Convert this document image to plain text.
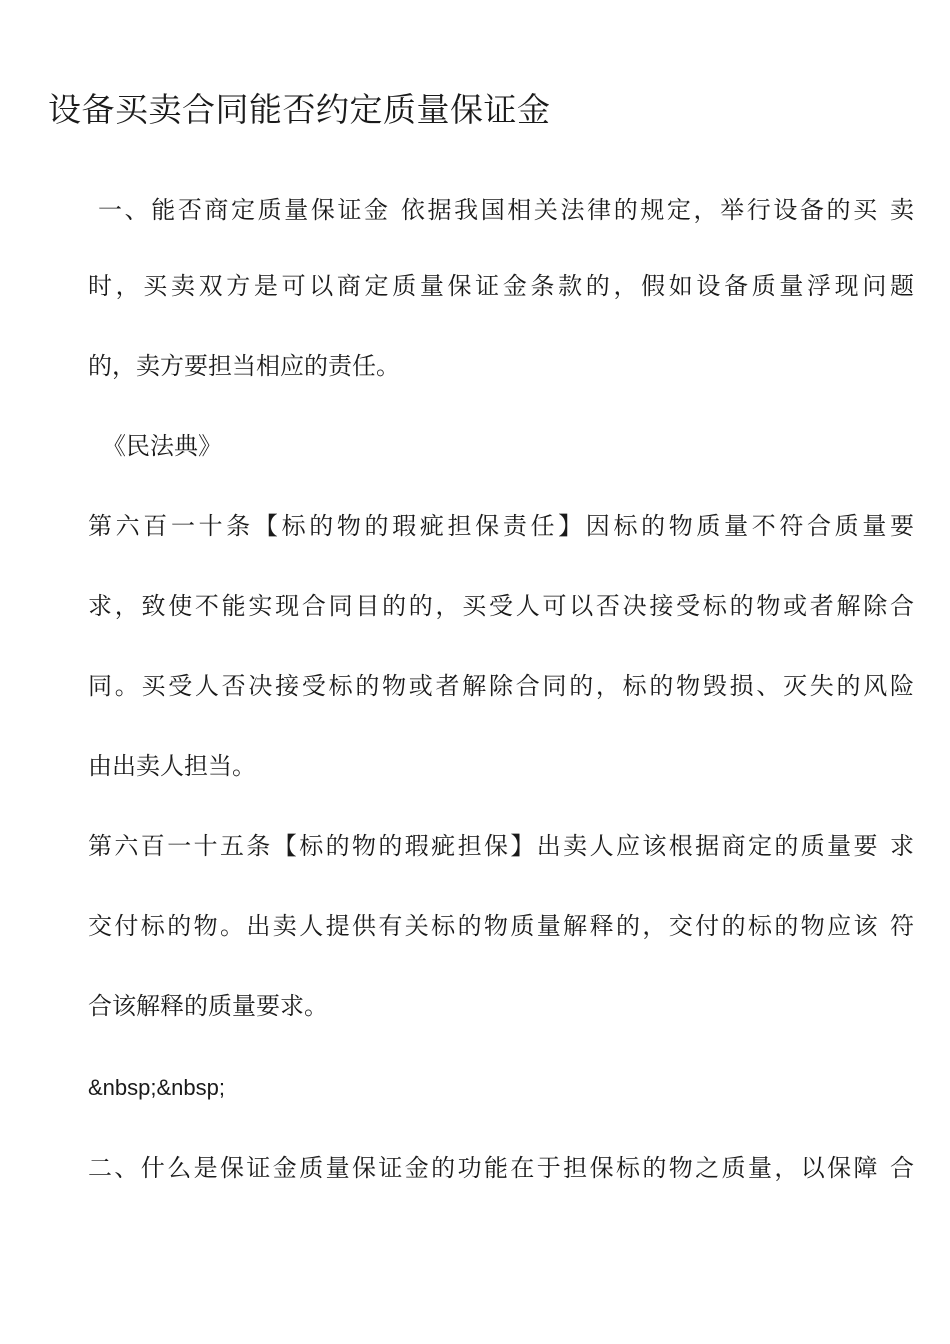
设备买卖合同能否约定质量保证金

一、能否商定质量保证金 依据我国相关法律的规定，举行设备的买 卖

时，买卖双方是可以商定质量保证金条款的，假如设备质量浮现问题

的，卖方要担当相应的责任。

《民法典》

第六百一十条【标的物的瑕疵担保责任】因标的物质量不符合质量要

求，致使不能实现合同目的的，买受人可以否决接受标的物或者解除合

同。买受人否决接受标的物或者解除合同的，标的物毁损、灭失的风险

由出卖人担当。

第六百一十五条【标的物的瑕疵担保】出卖人应该根据商定的质量要 求

交付标的物。出卖人提供有关标的物质量解释的，交付的标的物应该 符

合该解释的质量要求。

&nbsp;&nbsp;

二、什么是保证金质量保证金的功能在于担保标的物之质量，以保障 合
